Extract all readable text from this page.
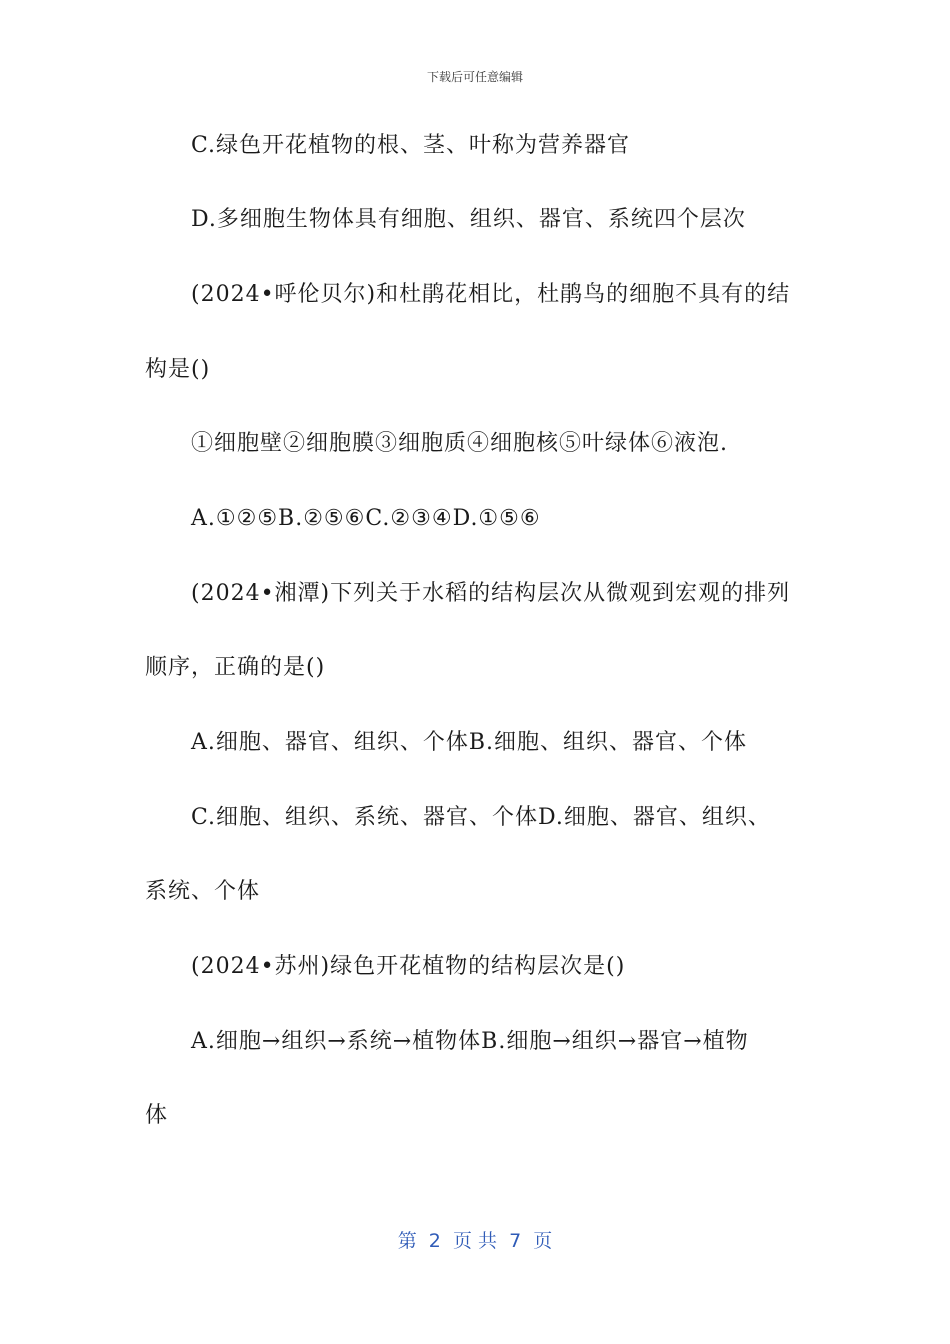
下载后可任意编辑
C.绿色开花植物的根、茎、叶称为营养器官
D.多细胞生物体具有细胞、组织、器官、系统四个层次
(2024•呼伦贝尔)和杜鹃花相比，杜鹃鸟的细胞不具有的结
构是()
①细胞壁②细胞膜③细胞质④细胞核⑤叶绿体⑥液泡.
A.①②⑤B.②⑤⑥C.②③④D.①⑤⑥
(2024•湘潭)下列关于水稻的结构层次从微观到宏观的排列
顺序，正确的是()
A.细胞、器官、组织、个体B.细胞、组织、器官、个体
C.细胞、组织、系统、器官、个体D.细胞、器官、组织、
系统、个体
(2024•苏州)绿色开花植物的结构层次是()
A.细胞→组织→系统→植物体B.细胞→组织→器官→植物
体
第  2  页 共  7  页
